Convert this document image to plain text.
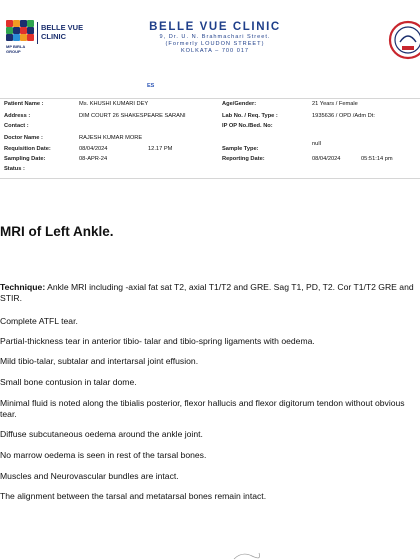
BELLE VUE
CLINIC
MP BIRLA
GROUP
BELLE VUE CLINIC
9, Dr. U. N. Brahmachari Street.
(Formerly LOUDON STREET)
KOLKATA – 700 017
ES
Patient Name :	Ms. KHUSHI KUMARI DEY
Address :	DIM COURT 26 SHAKESPEARE SARANI
Contact :
Doctor Name :	RAJESH KUMAR MORE
Requisition Date:	08/04/2024	12.17 PM
Sampling Date:	08-APR-24
Status :
Age/Gender:	21 Years / Female
Lab No. / Req. Type :	1935636 / OPD /Adm Dt:
IP OP No./Bed. No:
null
Sample Type:
Reporting Date:	08/04/2024	05:51:14 pm
MRI of Left Ankle.
Technique: Ankle MRI including -axial fat sat T2, axial T1/T2 and GRE. Sag T1, PD, T2. Cor T1/T2 GRE and STIR.
Complete ATFL tear.
Partial-thickness tear in anterior tibio- talar and tibio-spring ligaments with oedema.
Mild tibio-talar, subtalar and intertarsal joint effusion.
Small bone contusion in talar dome.
Minimal fluid is noted along the tibialis posterior, flexor hallucis and flexor digitorum tendon without obvious tear.
Diffuse subcutaneous oedema around the ankle joint.
No marrow oedema is seen in rest of the tarsal bones.
Muscles and Neurovascular bundles are intact.
The alignment between the tarsal and metatarsal bones remain intact.
